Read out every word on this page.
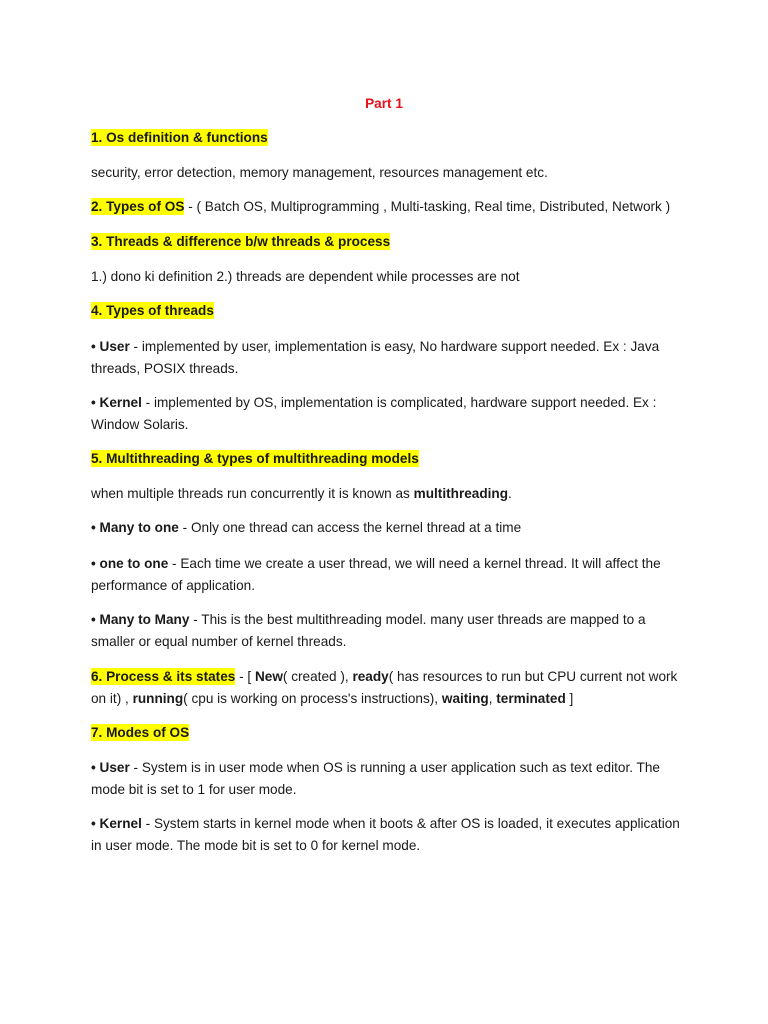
Part 1

1. Os definition & functions

security, error detection, memory management, resources management etc.

2. Types of OS - ( Batch OS, Multiprogramming , Multi-tasking, Real time, Distributed, Network )

3. Threads & difference b/w threads & process

1.) dono ki definition 2.) threads are dependent while processes are not

4. Types of threads

• User - implemented by user, implementation is easy, No hardware support needed. Ex : Java threads, POSIX threads.

• Kernel - implemented by OS, implementation is complicated, hardware support needed. Ex : Window Solaris.

5. Multithreading & types of multithreading models

when multiple threads run concurrently it is known as multithreading.

• Many to one - Only one thread can access the kernel thread at a time

• one to one - Each time we create a user thread, we will need a kernel thread. It will affect the performance of application.

• Many to Many - This is the best multithreading model. many user threads are mapped to a smaller or equal number of kernel threads.

6. Process & its states - [ New( created ), ready( has resources to run but CPU current not work on it) , running( cpu is working on process's instructions), waiting, terminated ]

7. Modes of OS

• User - System is in user mode when OS is running a user application such as text editor. The mode bit is set to 1 for user mode.

• Kernel - System starts in kernel mode when it boots & after OS is loaded, it executes application in user mode. The mode bit is set to 0 for kernel mode.
